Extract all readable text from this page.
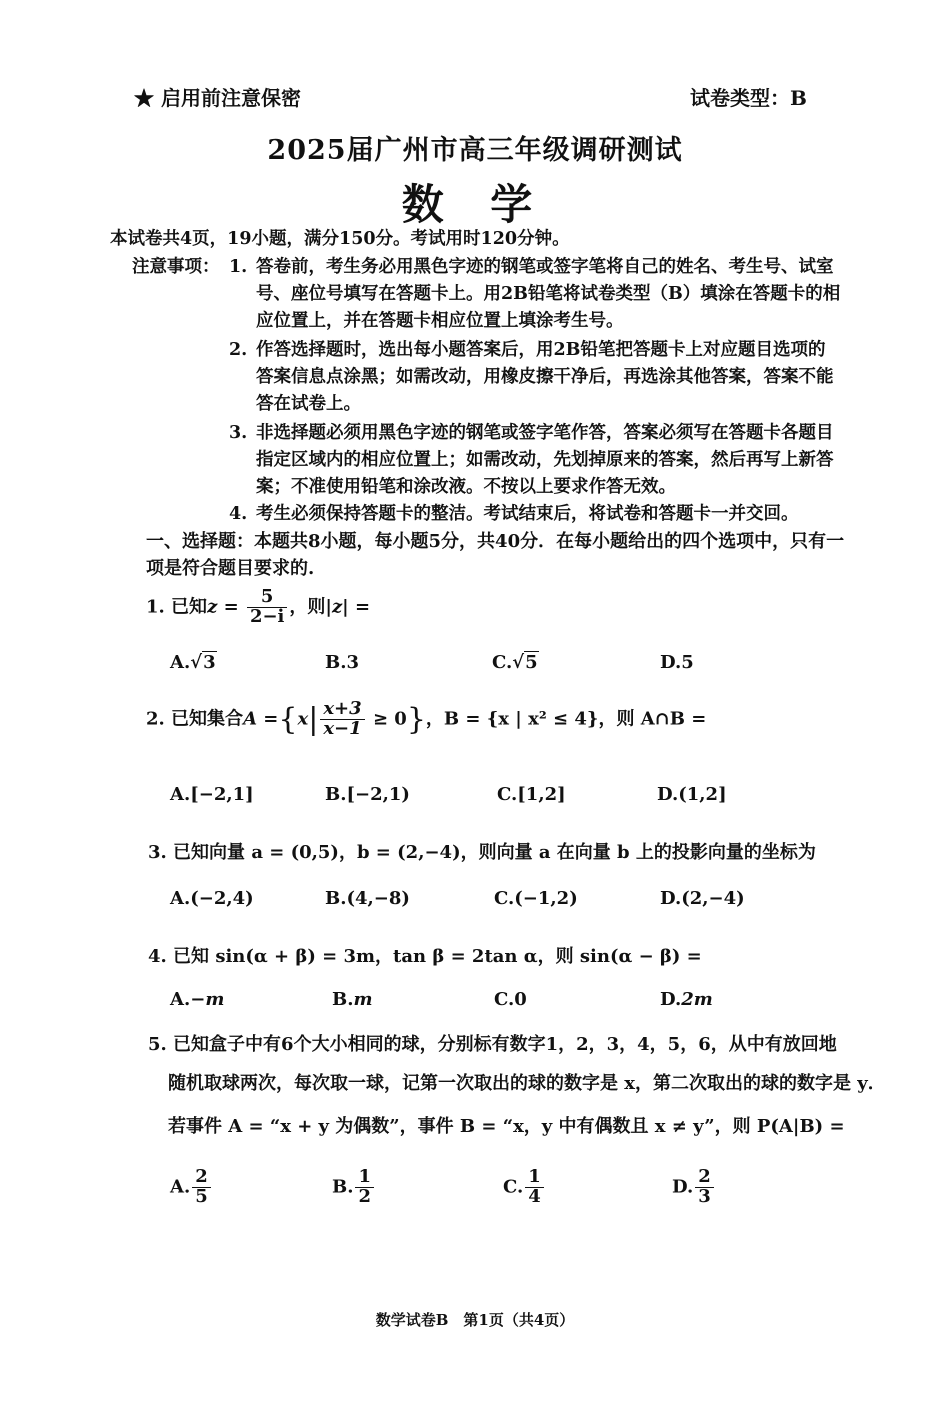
★ 启用前注意保密	试卷类型：B
2025届广州市高三年级调研测试
数 学
本试卷共4页，19小题，满分150分。考试用时120分钟。
注意事项： 1. 答卷前，考生务必用黑色字迹的钢笔或签字笔将自己的姓名、考生号、试室
号、座位号填写在答题卡上。用2B铅笔将试卷类型（B）填涂在答题卡的相
应位置上，并在答题卡相应位置上填涂考生号。
2. 作答选择题时，选出每小题答案后，用2B铅笔把答题卡上对应题目选项的
答案信息点涂黑；如需改动，用橡皮擦干净后，再选涂其他答案，答案不能
答在试卷上。
3. 非选择题必须用黑色字迹的钢笔或签字笔作答，答案必须写在答题卡各题目
指定区域内的相应位置上；如需改动，先划掉原来的答案，然后再写上新答
案；不准使用铅笔和涂改液。不按以上要求作答无效。
4. 考生必须保持答题卡的整洁。考试结束后，将试卷和答题卡一并交回。
一、选择题：本题共8小题，每小题5分，共40分．在每小题给出的四个选项中，只有一
项是符合题目要求的.
1. 已知$z = \frac{5}{2-i}$ ，则|z| =
A.√3	B.3	C.√5	D.5
2. 已知集合$A =\{x| \frac{x+3}{x-1} \ge 0\}$，B = {x | x² ≤ 4}，则 A∩B =
A.[−2,1]	B.[−2,1)	C.[1,2]	D.(1,2]
3. 已知向量 a = (0,5)，b = (2,−4)，则向量 a 在向量 b 上的投影向量的坐标为
A.(−2,4)	B.(4,−8)	C.(−1,2)	D.(2,−4)
4. 已知 sin(α + β) = 3m，tan β = 2tan α，则 sin(α − β) =
A.−m	B.m	C.0	D.2m
5. 已知盒子中有6个大小相同的球，分别标有数字1，2，3，4，5，6，从中有放回地
随机取球两次，每次取一球，记第一次取出的球的数字是 x，第二次取出的球的数字是 y．
若事件 A = “x + y 为偶数”，事件 B = “x，y 中有偶数且 x ≠ y”，则 P(A|B) =
A. $\frac{2}{5}$	B. $\frac{1}{2}$	C. $\frac{1}{4}$	D. $\frac{2}{3}$
数学试卷B　第1页（共4页）
